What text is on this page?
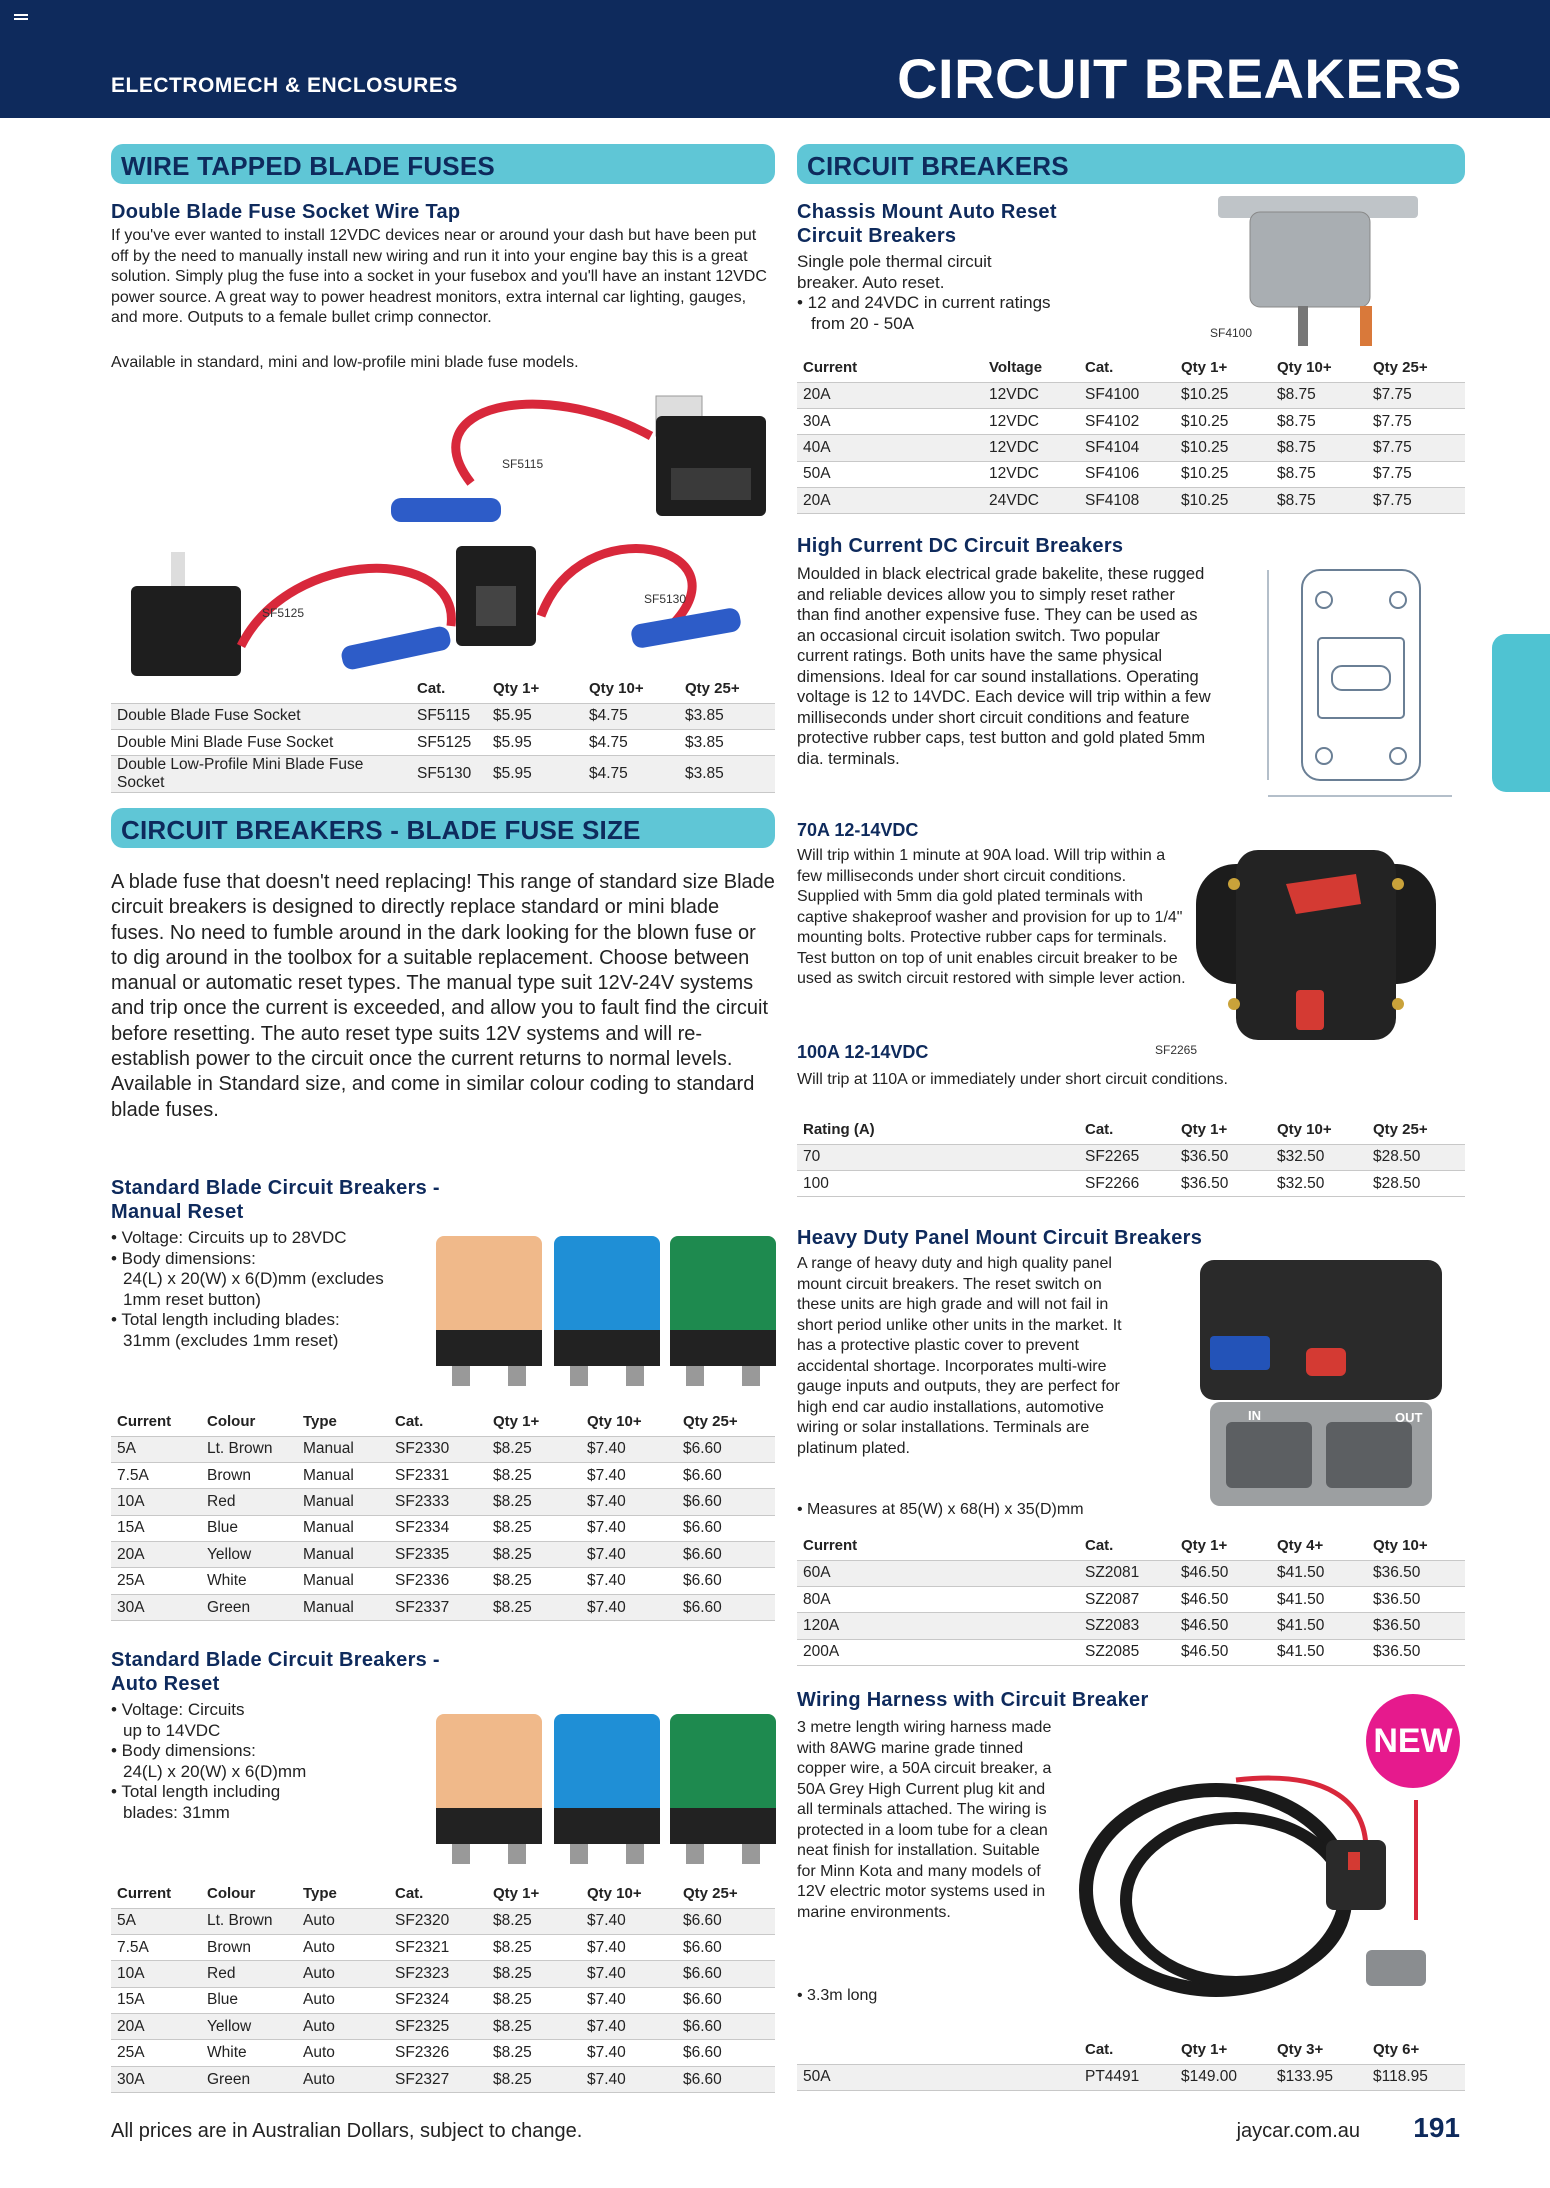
ELECTROMECH & ENCLOSURES	CIRCUIT BREAKERS
WIRE TAPPED BLADE FUSES
Double Blade Fuse Socket Wire Tap
If you've ever wanted to install 12VDC devices near or around your dash but have been put off by the need to manually install new wiring and run it into your engine bay this is a great solution. Simply plug the fuse into a socket in your fusebox and you'll have an instant 12VDC power source. A great way to power headrest monitors, extra internal car lighting, gauges, and more. Outputs to a female bullet crimp connector.
Available in standard, mini and low-profile mini blade fuse models.
SF5115
SF5125
SF5130
	Cat.	Qty 1+	Qty 10+	Qty 25+
Double Blade Fuse Socket	SF5115	$5.95	$4.75	$3.85
Double Mini Blade Fuse Socket	SF5125	$5.95	$4.75	$3.85
Double Low-Profile Mini Blade Fuse Socket	SF5130	$5.95	$4.75	$3.85
CIRCUIT BREAKERS - BLADE FUSE SIZE
A blade fuse that doesn't need replacing! This range of standard size Blade circuit breakers is designed to directly replace standard or mini blade fuses. No need to fumble around in the dark looking for the blown fuse or to dig around in the toolbox for a suitable replacement. Choose between manual or automatic reset types. The manual type suit 12V-24V systems and trip once the current is exceeded, and allow you to fault find the circuit before resetting. The auto reset type suits 12V systems and will re-establish power to the circuit once the current returns to normal levels. Available in Standard size, and come in similar colour coding to standard blade fuses.
Standard Blade Circuit Breakers -
Manual Reset
• Voltage: Circuits up to 28VDC
• Body dimensions:
24(L) x 20(W) x 6(D)mm (excludes
1mm reset button)
• Total length including blades:
31mm (excludes 1mm reset)
Current	Colour	Type	Cat.	Qty 1+	Qty 10+	Qty 25+
5A	Lt. Brown	Manual	SF2330	$8.25	$7.40	$6.60
7.5A	Brown	Manual	SF2331	$8.25	$7.40	$6.60
10A	Red	Manual	SF2333	$8.25	$7.40	$6.60
15A	Blue	Manual	SF2334	$8.25	$7.40	$6.60
20A	Yellow	Manual	SF2335	$8.25	$7.40	$6.60
25A	White	Manual	SF2336	$8.25	$7.40	$6.60
30A	Green	Manual	SF2337	$8.25	$7.40	$6.60
Standard Blade Circuit Breakers -
Auto Reset
• Voltage: Circuits
up to 14VDC
• Body dimensions:
24(L) x 20(W) x 6(D)mm
• Total length including
blades: 31mm
Current	Colour	Type	Cat.	Qty 1+	Qty 10+	Qty 25+
5A	Lt. Brown	Auto	SF2320	$8.25	$7.40	$6.60
7.5A	Brown	Auto	SF2321	$8.25	$7.40	$6.60
10A	Red	Auto	SF2323	$8.25	$7.40	$6.60
15A	Blue	Auto	SF2324	$8.25	$7.40	$6.60
20A	Yellow	Auto	SF2325	$8.25	$7.40	$6.60
25A	White	Auto	SF2326	$8.25	$7.40	$6.60
30A	Green	Auto	SF2327	$8.25	$7.40	$6.60
CIRCUIT BREAKERS
Chassis Mount Auto Reset
Circuit Breakers
Single pole thermal circuit
breaker. Auto reset.
• 12 and 24VDC in current ratings
from 20 - 50A
SF4100
Current	Voltage	Cat.	Qty 1+	Qty 10+	Qty 25+
20A	12VDC	SF4100	$10.25	$8.75	$7.75
30A	12VDC	SF4102	$10.25	$8.75	$7.75
40A	12VDC	SF4104	$10.25	$8.75	$7.75
50A	12VDC	SF4106	$10.25	$8.75	$7.75
20A	24VDC	SF4108	$10.25	$8.75	$7.75
High Current DC Circuit Breakers
Moulded in black electrical grade bakelite, these rugged and reliable devices allow you to simply reset rather than find another expensive fuse. They can be used as an occasional circuit isolation switch. Two popular current ratings. Both units have the same physical dimensions. Ideal for car sound installations. Operating voltage is 12 to 14VDC. Each device will trip within a few milliseconds under short circuit conditions and feature protective rubber caps, test button and gold plated 5mm dia. terminals.
70A 12-14VDC
Will trip within 1 minute at 90A load. Will trip within a few milliseconds under short circuit conditions. Supplied with 5mm dia gold plated terminals with captive shakeproof washer and provision for up to 1/4" mounting bolts. Protective rubber caps for terminals. Test button on top of unit enables circuit breaker to be used as switch circuit restored with simple lever action.
100A 12-14VDC	SF2265
Will trip at 110A or immediately under short circuit conditions.
Rating (A)	Cat.	Qty 1+	Qty 10+	Qty 25+
70	SF2265	$36.50	$32.50	$28.50
100	SF2266	$36.50	$32.50	$28.50
Heavy Duty Panel Mount Circuit Breakers
A range of heavy duty and high quality panel mount circuit breakers. The reset switch on these units are high grade and will not fail in short period unlike other units in the market. It has a protective plastic cover to prevent accidental shortage. Incorporates multi-wire gauge inputs and outputs, they are perfect for high end car audio installations, automotive wiring or solar installations. Terminals are platinum plated.
• Measures at 85(W) x 68(H) x 35(D)mm
IN	OUT
Current	Cat.	Qty 1+	Qty 4+	Qty 10+
60A	SZ2081	$46.50	$41.50	$36.50
80A	SZ2087	$46.50	$41.50	$36.50
120A	SZ2083	$46.50	$41.50	$36.50
200A	SZ2085	$46.50	$41.50	$36.50
Wiring Harness with Circuit Breaker
3 metre length wiring harness made with 8AWG marine grade tinned copper wire, a 50A circuit breaker, a 50A Grey High Current plug kit and all terminals attached. The wiring is protected in a loom tube for a clean neat finish for installation. Suitable for Minn Kota and many models of 12V electric motor systems used in marine environments.
• 3.3m long
NEW
	Cat.	Qty 1+	Qty 3+	Qty 6+
50A	PT4491	$149.00	$133.95	$118.95
All prices are in Australian Dollars, subject to change.	jaycar.com.au 191
